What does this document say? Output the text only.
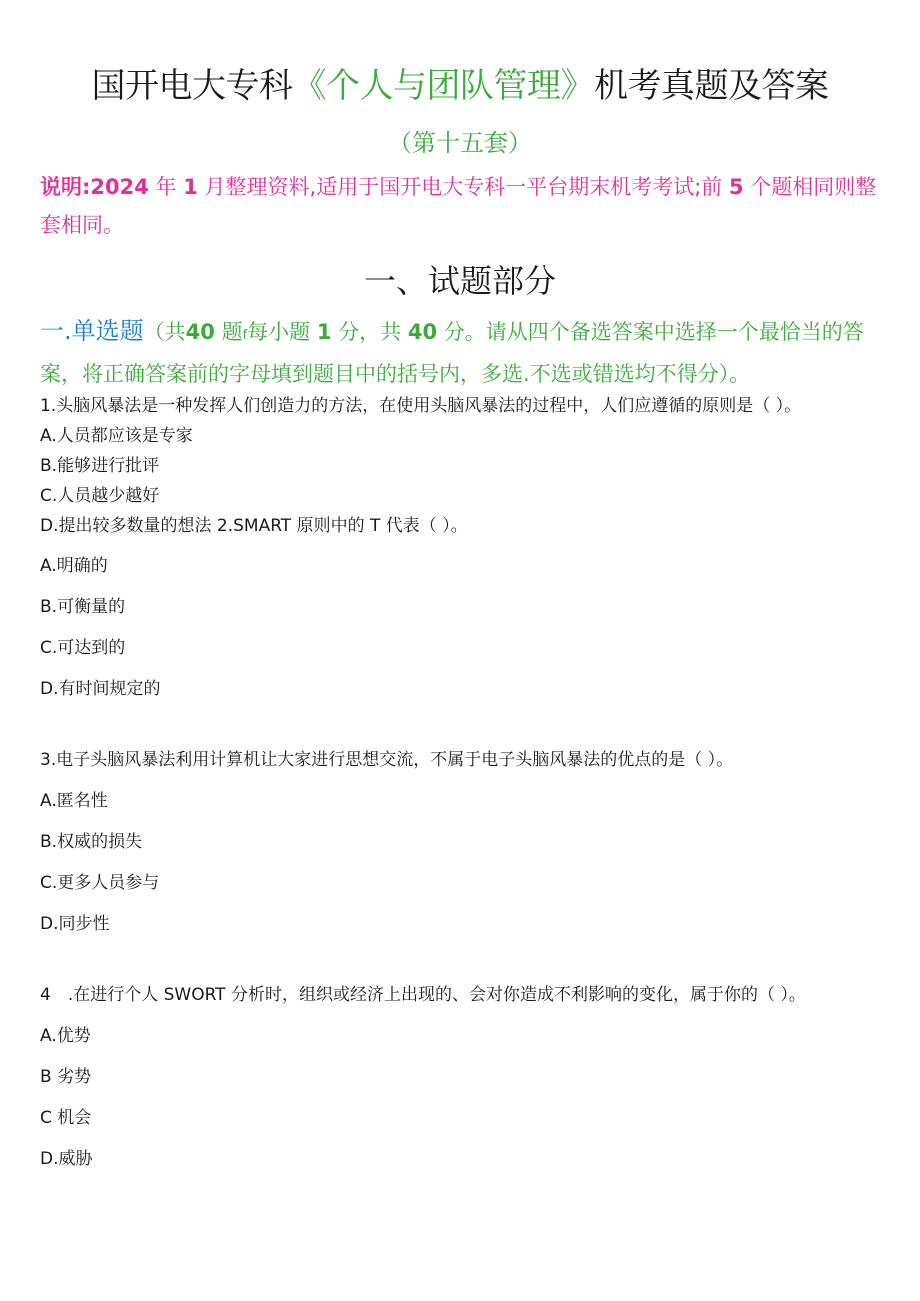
国开电大专科《个人与团队管理》机考真题及答案
（第十五套）
说明:2024 年 1 月整理资料,适用于国开电大专科一平台期末机考考试;前 5 个题相同则整套相同。
一、试题部分
一.单选题（共40 题f每小题 1 分，共 40 分。请从四个备选答案中选择一个最恰当的答案，将正确答案前的字母填到题目中的括号内，多选.不选或错选均不得分）。
1.头脑风暴法是一种发挥人们创造力的方法，在使用头脑风暴法的过程中，人们应遵循的原则是（ ）。
A.人员都应该是专家
B.能够进行批评
C.人员越少越好
D.提出较多数量的想法 2.SMART 原则中的 T 代表（ ）。
A.明确的
B.可衡量的
C.可达到的
D.有时间规定的
3.电子头脑风暴法利用计算机让大家进行思想交流，不属于电子头脑风暴法的优点的是（ ）。
A.匿名性
B.权威的损失
C.更多人员参与
D.同步性
4　.在进行个人 SWORT 分析时，组织或经济上出现的、会对你造成不利影响的变化，属于你的（ ）。
A.优势
B 劣势
C 机会
D.威胁
